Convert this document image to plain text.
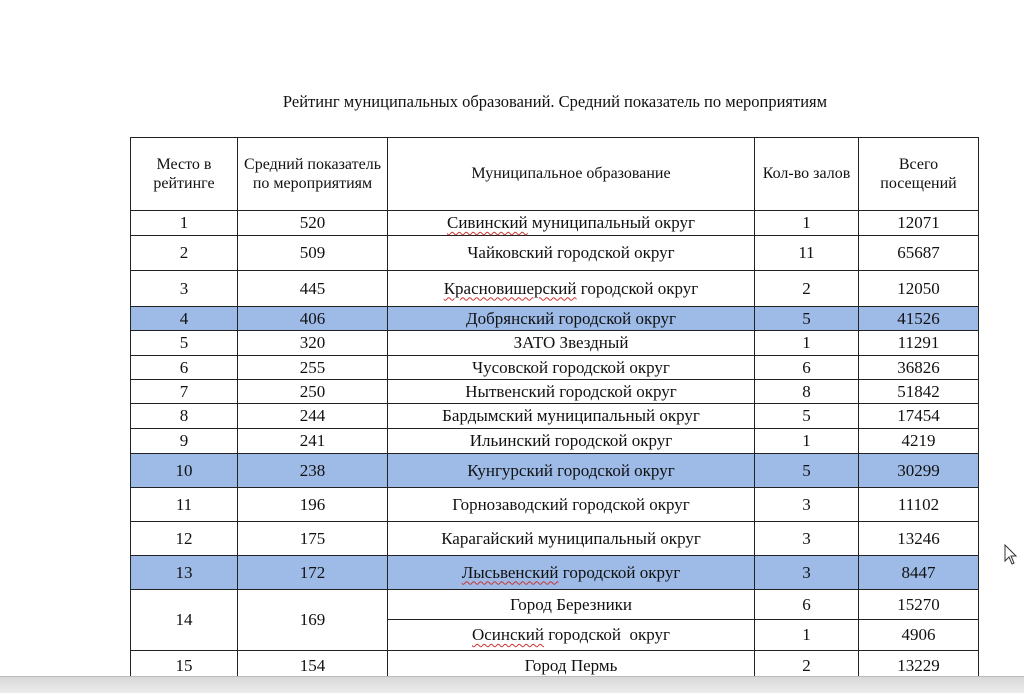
Рейтинг муниципальных образований. Средний показатель по мероприятиям
Место в рейтинге	Средний показатель по мероприятиям	Муниципальное образование	Кол-во залов	Всего посещений
1	520	Сивинский муниципальный округ	1	12071
2	509	Чайковский городской округ	11	65687
3	445	Красновишерский городской округ	2	12050
4	406	Добрянский городской округ	5	41526
5	320	ЗАТО Звездный	1	11291
6	255	Чусовской городской округ	6	36826
7	250	Нытвенский городской округ	8	51842
8	244	Бардымский муниципальный округ	5	17454
9	241	Ильинский городской округ	1	4219
10	238	Кунгурский городской округ	5	30299
11	196	Горнозаводский городской округ	3	11102
12	175	Карагайский муниципальный округ	3	13246
13	172	Лысьвенский городской округ	3	8447
14	169	Город Березники	6	15270
		Осинский городской  округ	1	4906
15	154	Город Пермь	2	13229
